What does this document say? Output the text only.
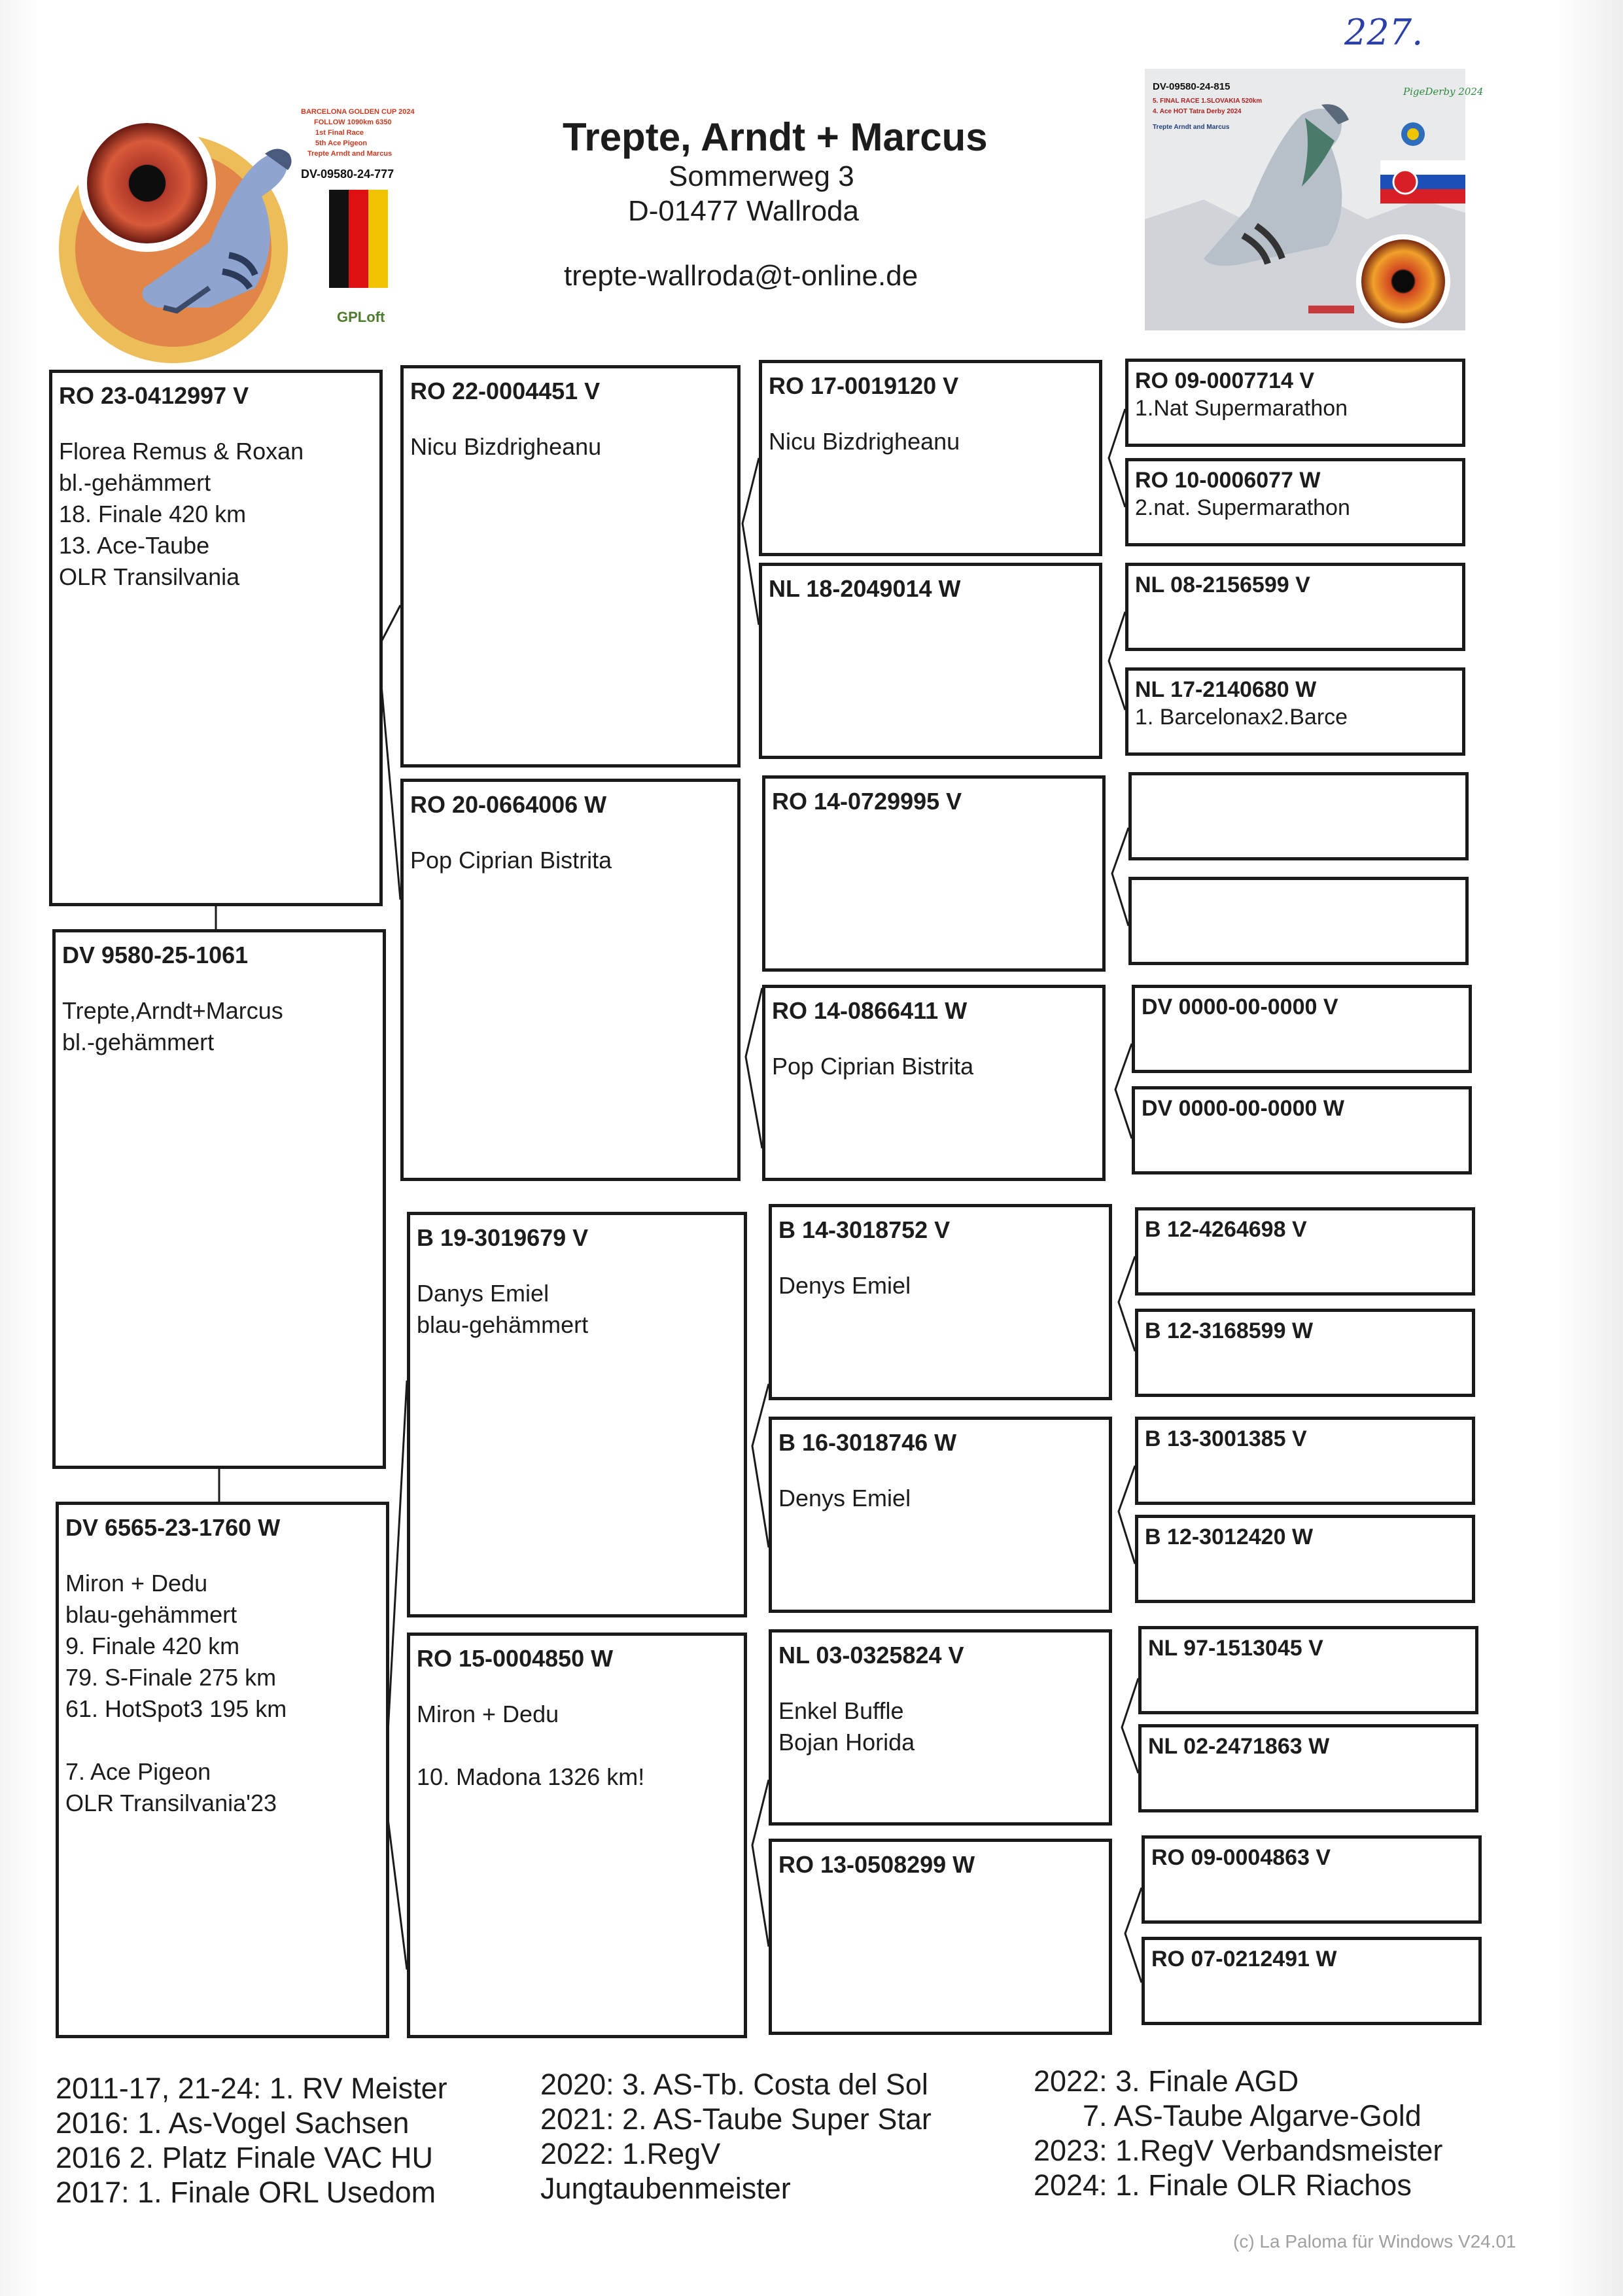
227.
BARCELONA GOLDEN CUP 2024
FOLLOW 1090km 6350
1st Final Race
5th Ace Pigeon
Trepte Arndt and Marcus
DV-09580-24-777
GPLoft
DV-09580-24-815
5. FINAL RACE 1.SLOVAKIA 520km
4. Ace HOT Tatra Derby 2024
Trepte Arndt and Marcus
PigeDerby 2024
Trepte, Arndt + Marcus
Sommerweg 3
D-01477 Wallroda
trepte-wallroda@t-online.de
RO 23-0412997 V
Florea Remus & Roxan
bl.-gehämmert
18. Finale 420 km
13. Ace-Taube
OLR Transilvania
DV 9580-25-1061
Trepte,Arndt+Marcus
bl.-gehämmert
DV 6565-23-1760 W
Miron + Dedu
blau-gehämmert
9. Finale 420 km
79. S-Finale 275 km
61. HotSpot3 195 km
7. Ace Pigeon
OLR Transilvania'23
RO 22-0004451 V
Nicu Bizdrigheanu
RO 20-0664006 W
Pop Ciprian Bistrita
B 19-3019679 V
Danys Emiel
blau-gehämmert
RO 15-0004850 W
Miron + Dedu
10. Madona 1326 km!
RO 17-0019120 V
Nicu Bizdrigheanu
NL 18-2049014 W
RO 14-0729995 V
RO 14-0866411 W
Pop Ciprian Bistrita
B 14-3018752 V
Denys Emiel
B 16-3018746 W
Denys Emiel
NL 03-0325824 V
Enkel Buffle
Bojan Horida
RO 13-0508299 W
RO 09-0007714 V
1.Nat Supermarathon
RO 10-0006077 W
2.nat. Supermarathon
NL 08-2156599 V
NL 17-2140680 W
1. Barcelonax2.Barce
DV 0000-00-0000 V
DV 0000-00-0000 W
B 12-4264698 V
B 12-3168599 W
B 13-3001385 V
B 12-3012420 W
NL 97-1513045 V
NL 02-2471863 W
RO 09-0004863 V
RO 07-0212491 W
2011-17, 21-24: 1. RV Meister
2016: 1. As-Vogel Sachsen
2016 2. Platz Finale VAC HU
2017: 1. Finale ORL Usedom
2020: 3. AS-Tb. Costa del Sol
2021: 2. AS-Taube Super Star
2022: 1.RegV
Jungtaubenmeister
2022: 3. Finale AGD
7. AS-Taube Algarve-Gold
2023: 1.RegV Verbandsmeister
2024: 1. Finale OLR Riachos
(c) La Paloma für Windows V24.01
